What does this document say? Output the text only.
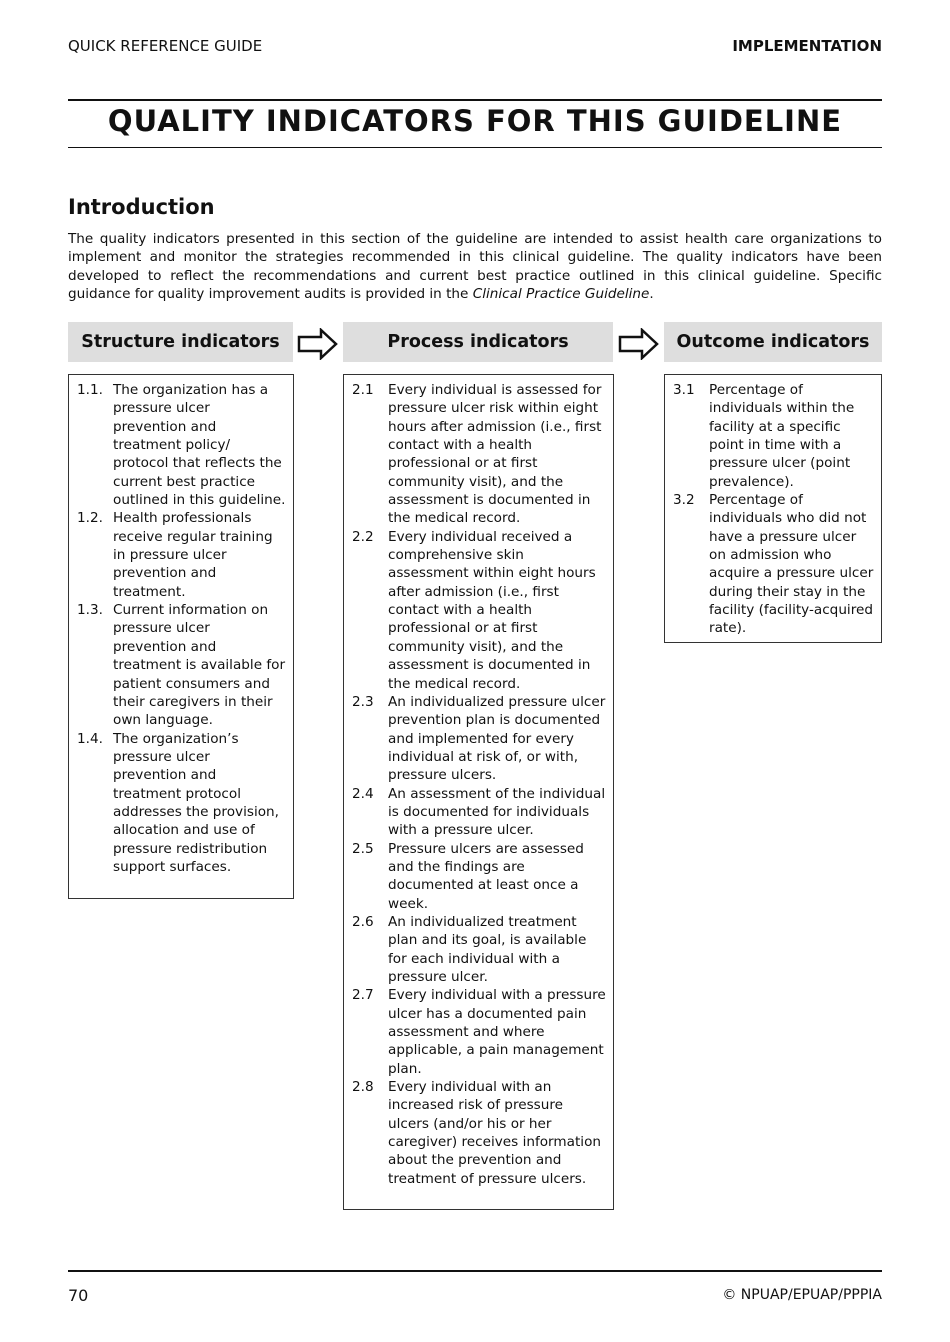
QUICK REFERENCE GUIDE	IMPLEMENTATION
QUALITY INDICATORS FOR THIS GUIDELINE
Introduction

The quality indicators presented in this section of the guideline are intended to assist health care organizations to implement and monitor the strategies recommended in this clinical guideline. The quality indicators have been developed to reflect the recommendations and current best practice outlined in this clinical guideline. Specific guidance for quality improvement audits is provided in the Clinical Practice Guideline.

Structure indicators	Process indicators	Outcome indicators
1.1. The organization has a pressure ulcer prevention and treatment policy/ protocol that reflects the current best practice outlined in this guideline.
1.2. Health professionals receive regular training in pressure ulcer prevention and treatment.
1.3. Current information on pressure ulcer prevention and treatment is available for patient consumers and their caregivers in their own language.
1.4. The organization’s pressure ulcer prevention and treatment protocol addresses the provision, allocation and use of pressure redistribution support surfaces.
2.1	Every individual is assessed for pressure ulcer risk within eight hours after admission (i.e., first contact with a health professional or at first community visit), and the assessment is documented in the medical record.
2.2	Every individual received a comprehensive skin assessment within eight hours after admission (i.e., first contact with a health professional or at first community visit), and the assessment is documented in the medical record.
2.3	An individualized pressure ulcer prevention plan is documented and implemented for every individual at risk of, or with, pressure ulcers.
2.4	An assessment of the individual is documented for individuals with a pressure ulcer.
2.5	Pressure ulcers are assessed and the findings are documented at least once a week.
2.6	An individualized treatment plan and its goal, is available for each individual with a pressure ulcer.
2.7	Every individual with a pressure ulcer has a documented pain assessment and where applicable, a pain management plan.
2.8	Every individual with an increased risk of pressure ulcers (and/or his or her caregiver) receives information about the prevention and treatment of pressure ulcers.
3.1	Percentage of individuals within the facility at a specific point in time with a pressure ulcer (point prevalence).
3.2	Percentage of individuals who did not have a pressure ulcer on admission who acquire a pressure ulcer during their stay in the facility (facility-acquired rate).
70	© NPUAP/EPUAP/PPPIA
